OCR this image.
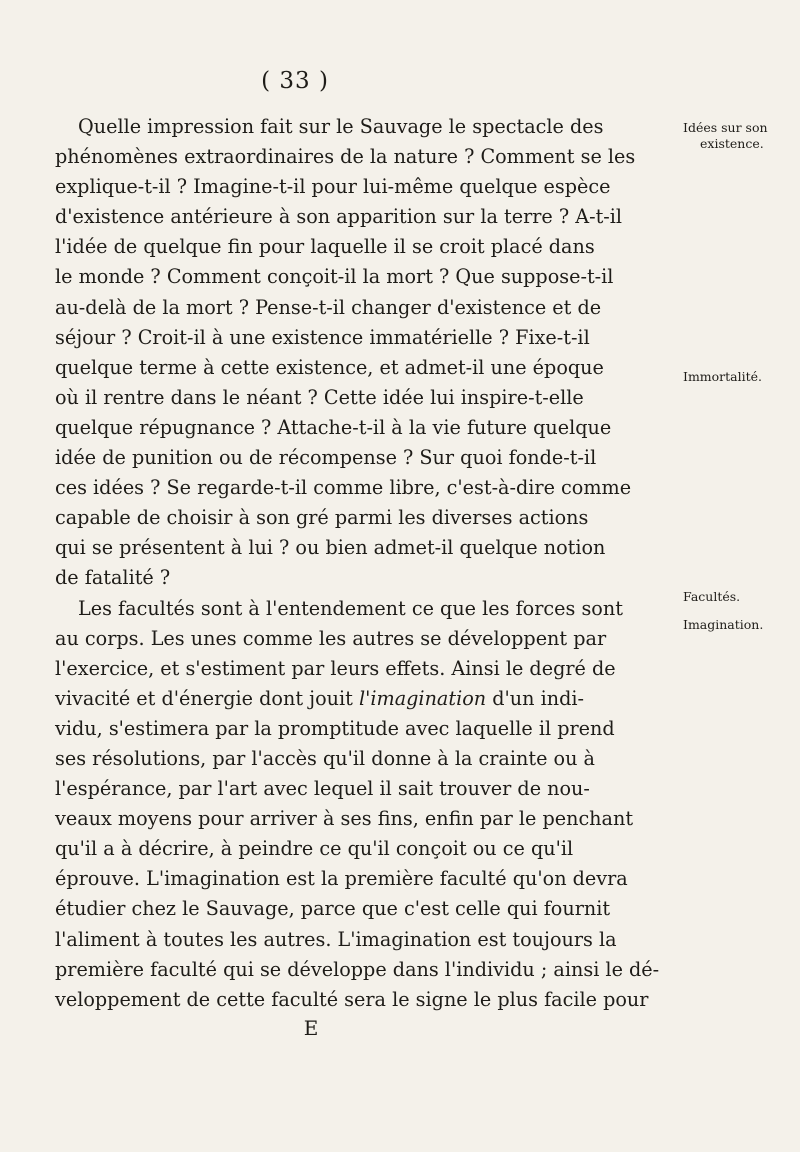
( 33 )
Quelle impression fait sur le Sauvage le spectacle des
phénomènes extraordinaires de la nature ? Comment se les
explique-t-il ? Imagine-t-il pour lui-même quelque espèce
d'existence antérieure à son apparition sur la terre ? A-t-il
l'idée de quelque fin pour laquelle il se croit placé dans
le monde ? Comment conçoit-il la mort ? Que suppose-t-il
au-delà de la mort ? Pense-t-il changer d'existence et de
séjour ? Croit-il à une existence immatérielle ? Fixe-t-il
quelque terme à cette existence, et admet-il une époque
où il rentre dans le néant ? Cette idée lui inspire-t-elle
quelque répugnance ? Attache-t-il à la vie future quelque
idée de punition ou de récompense ? Sur quoi fonde-t-il
ces idées ? Se regarde-t-il comme libre, c'est-à-dire comme
capable de choisir à son gré parmi les diverses actions
qui se présentent à lui ? ou bien admet-il quelque notion
de fatalité ?
Les facultés sont à l'entendement ce que les forces sont
au corps. Les unes comme les autres se développent par
l'exercice, et s'estiment par leurs effets. Ainsi le degré de
vivacité et d'énergie dont jouit l'imagination d'un indi-
vidu, s'estimera par la promptitude avec laquelle il prend
ses résolutions, par l'accès qu'il donne à la crainte ou à
l'espérance, par l'art avec lequel il sait trouver de nou-
veaux moyens pour arriver à ses fins, enfin par le penchant
qu'il a à décrire, à peindre ce qu'il conçoit ou ce qu'il
éprouve. L'imagination est la première faculté qu'on devra
étudier chez le Sauvage, parce que c'est celle qui fournit
l'aliment à toutes les autres. L'imagination est toujours la
première faculté qui se développe dans l'individu ; ainsi le dé-
veloppement de cette faculté sera le signe le plus facile pour
Idées sur son
existence.
Immortalité.
Facultés.
Imagination.
E
